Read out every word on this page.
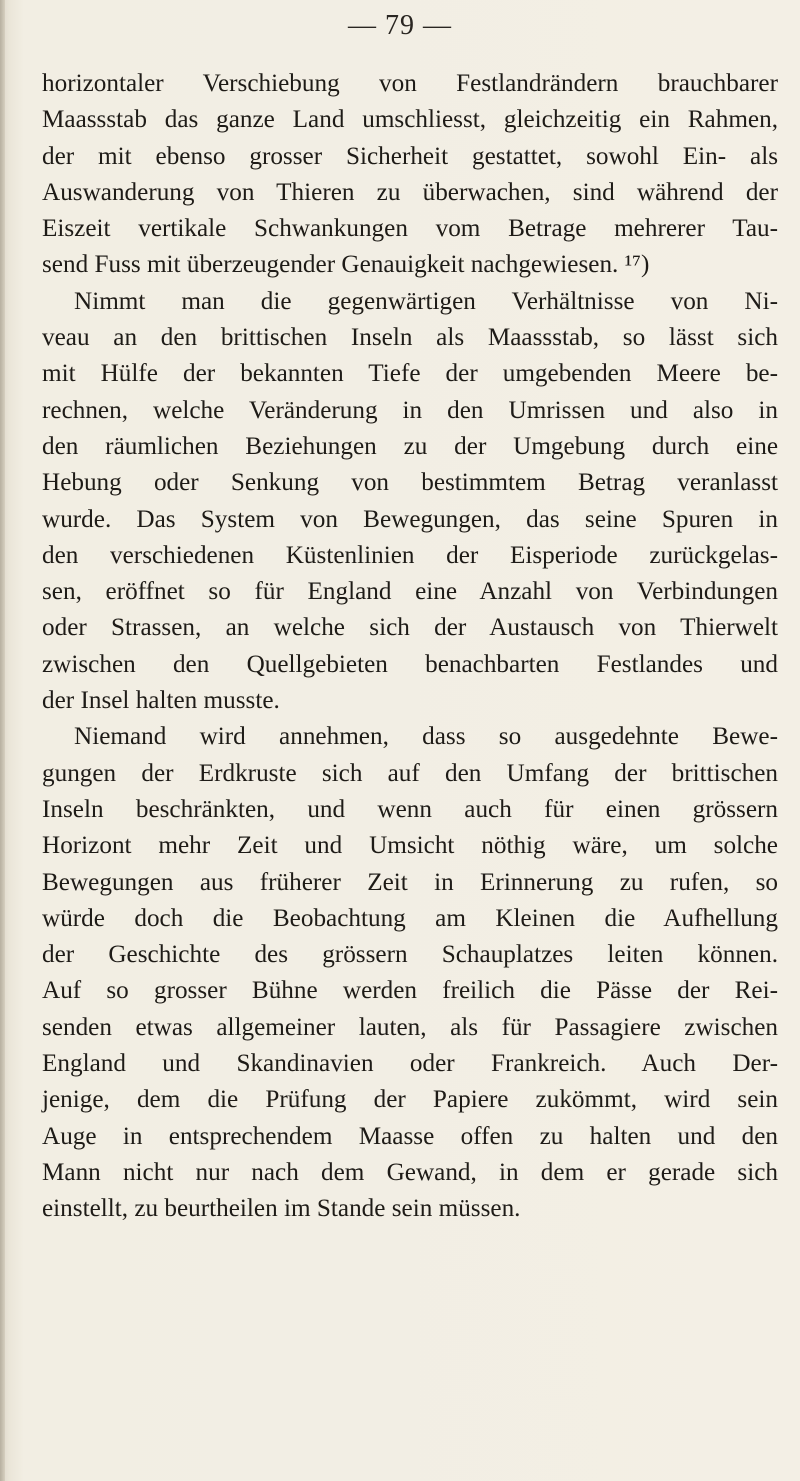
— 79 —
horizontaler Verschiebung von Festlandrändern brauchbarer
Maassstab das ganze Land umschliesst, gleichzeitig ein Rahmen,
der mit ebenso grosser Sicherheit gestattet, sowohl Ein- als
Auswanderung von Thieren zu überwachen, sind während der
Eiszeit vertikale Schwankungen vom Betrage mehrerer Tau-
send Fuss mit überzeugender Genauigkeit nachgewiesen. ¹⁷)
Nimmt man die gegenwärtigen Verhältnisse von Ni-
veau an den brittischen Inseln als Maassstab, so lässt sich
mit Hülfe der bekannten Tiefe der umgebenden Meere be-
rechnen, welche Veränderung in den Umrissen und also in
den räumlichen Beziehungen zu der Umgebung durch eine
Hebung oder Senkung von bestimmtem Betrag veranlasst
wurde. Das System von Bewegungen, das seine Spuren in
den verschiedenen Küstenlinien der Eisperiode zurückgelas-
sen, eröffnet so für England eine Anzahl von Verbindungen
oder Strassen, an welche sich der Austausch von Thierwelt
zwischen den Quellgebieten benachbarten Festlandes und
der Insel halten musste.
Niemand wird annehmen, dass so ausgedehnte Bewe-
gungen der Erdkruste sich auf den Umfang der brittischen
Inseln beschränkten, und wenn auch für einen grössern
Horizont mehr Zeit und Umsicht nöthig wäre, um solche
Bewegungen aus früherer Zeit in Erinnerung zu rufen, so
würde doch die Beobachtung am Kleinen die Aufhellung
der Geschichte des grössern Schauplatzes leiten können.
Auf so grosser Bühne werden freilich die Pässe der Rei-
senden etwas allgemeiner lauten, als für Passagiere zwischen
England und Skandinavien oder Frankreich. Auch Der-
jenige, dem die Prüfung der Papiere zukömmt, wird sein
Auge in entsprechendem Maasse offen zu halten und den
Mann nicht nur nach dem Gewand, in dem er gerade sich
einstellt, zu beurtheilen im Stande sein müssen.
